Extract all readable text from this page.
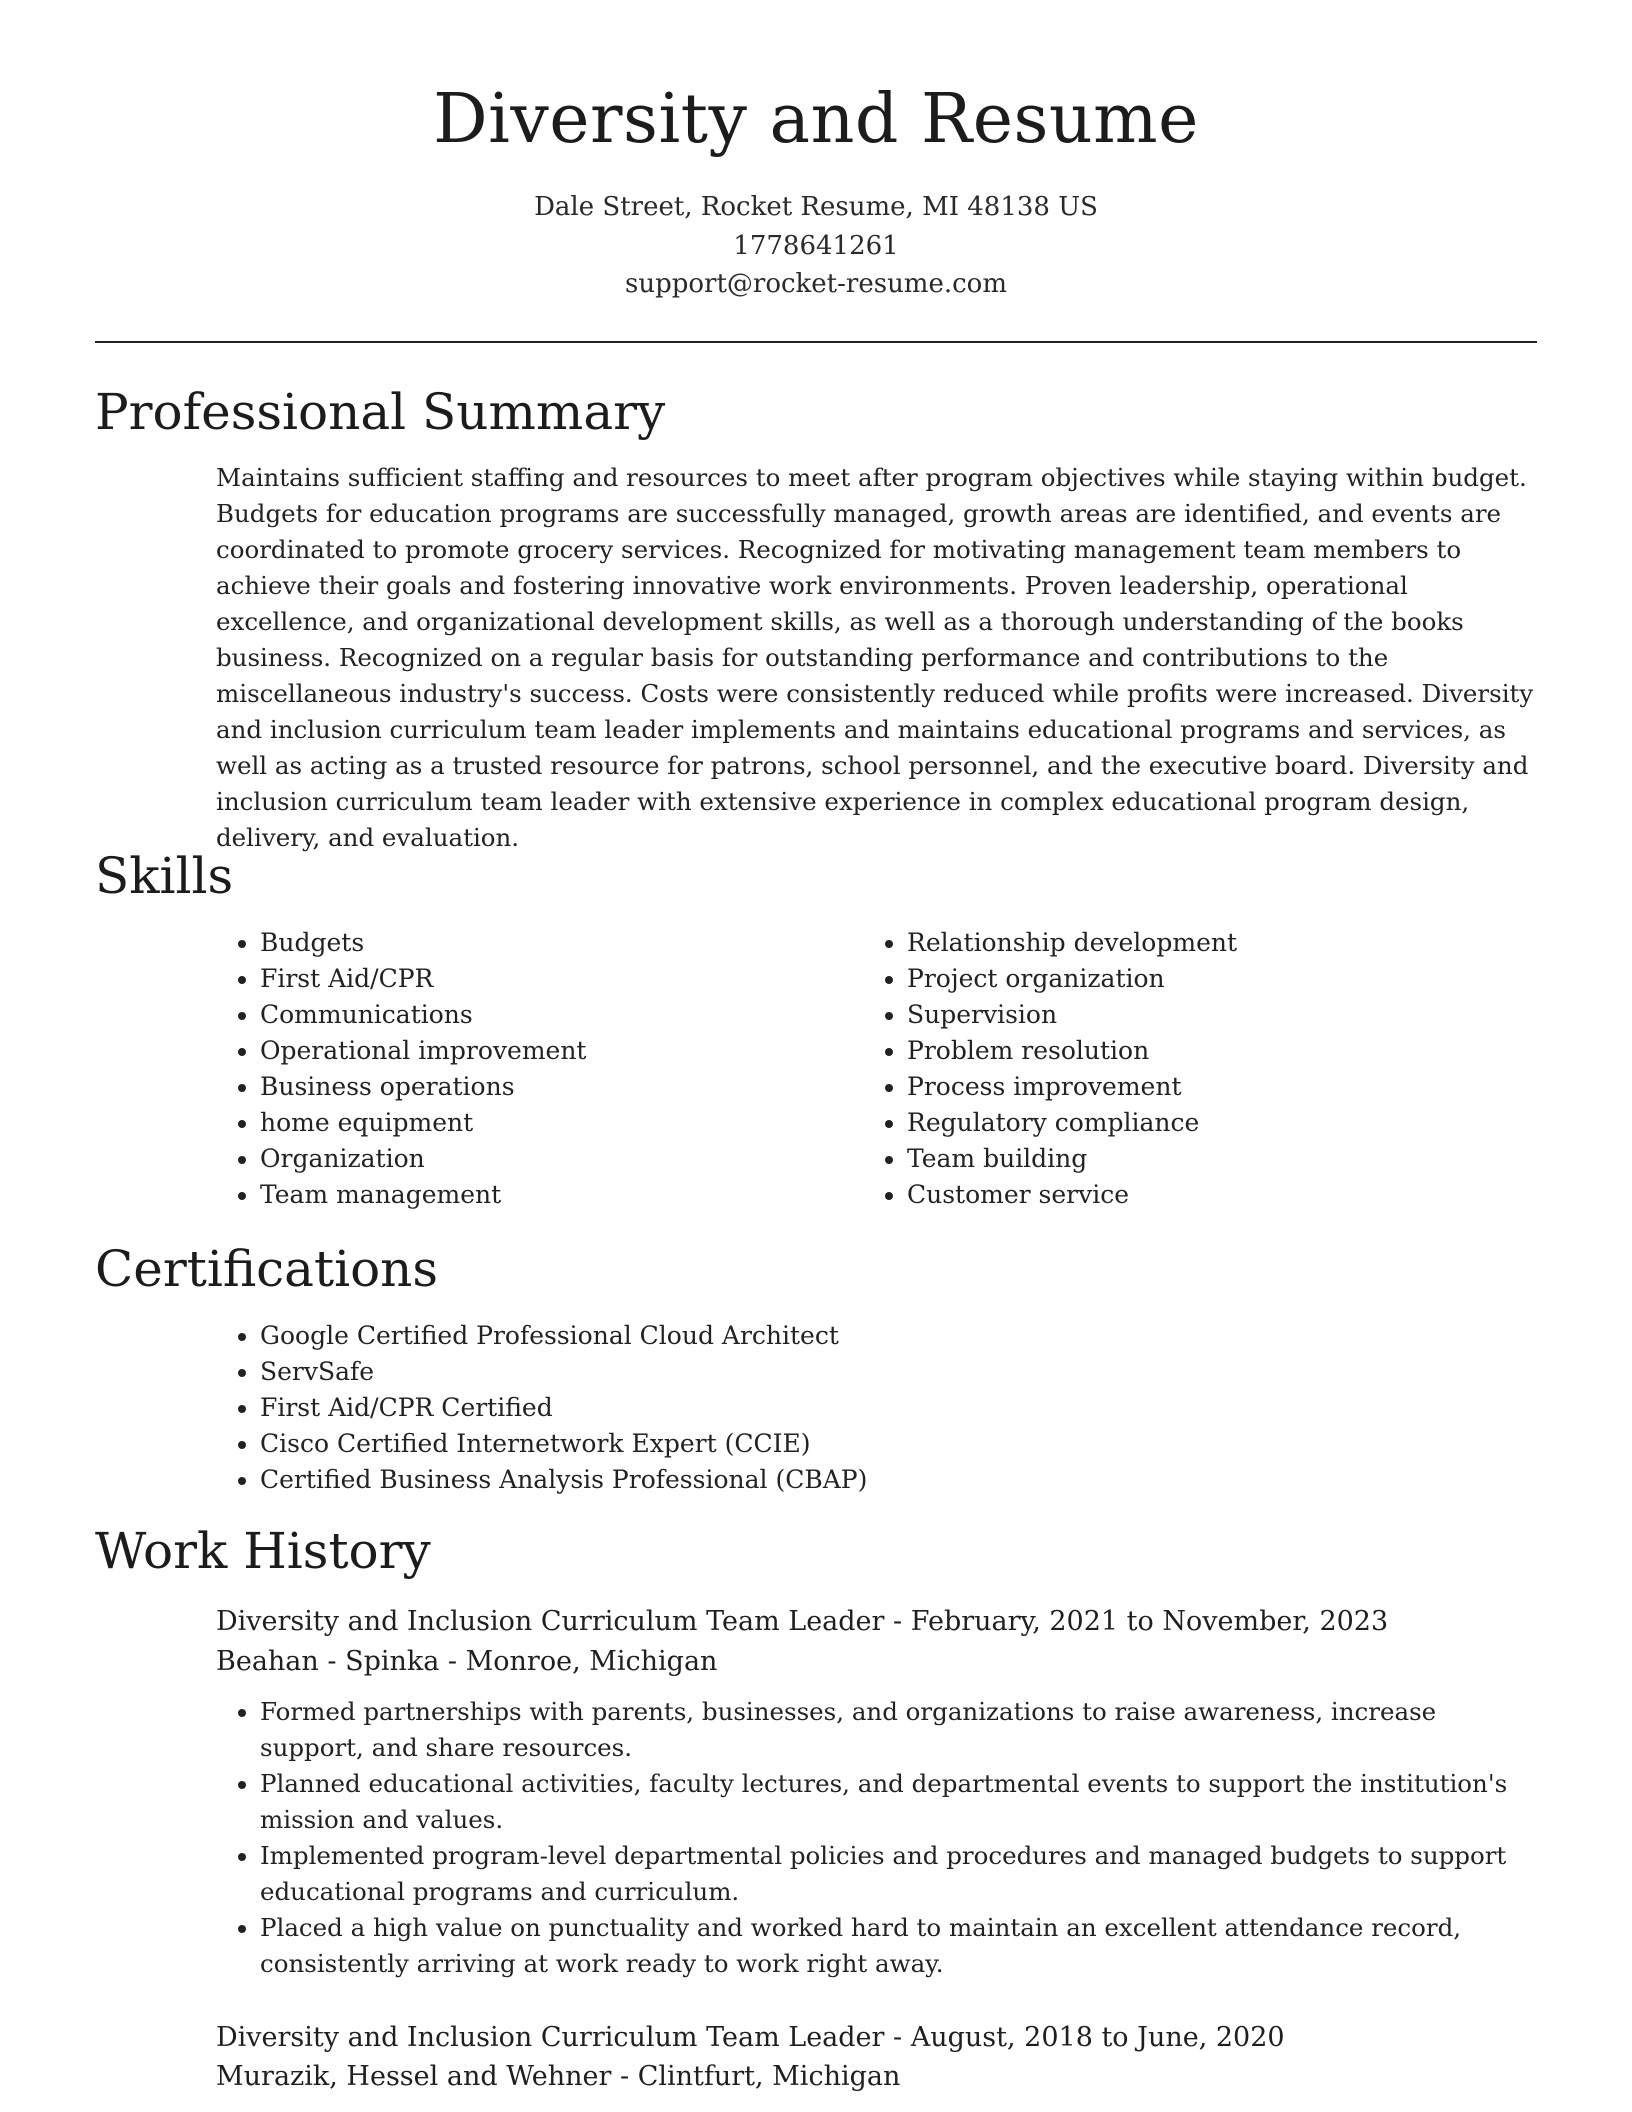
Diversity and Resume
Dale Street, Rocket Resume, MI 48138 US
1778641261
support@rocket-resume.com
Professional Summary
Maintains sufficient staffing and resources to meet after program objectives while staying within budget. Budgets for education programs are successfully managed, growth areas are identified, and events are coordinated to promote grocery services. Recognized for motivating management team members to achieve their goals and fostering innovative work environments. Proven leadership, operational excellence, and organizational development skills, as well as a thorough understanding of the books business. Recognized on a regular basis for outstanding performance and contributions to the miscellaneous industry's success. Costs were consistently reduced while profits were increased. Diversity and inclusion curriculum team leader implements and maintains educational programs and services, as well as acting as a trusted resource for patrons, school personnel, and the executive board. Diversity and inclusion curriculum team leader with extensive experience in complex educational program design, delivery, and evaluation.
Skills
• Budgets
• First Aid/CPR
• Communications
• Operational improvement
• Business operations
• home equipment
• Organization
• Team management
• Relationship development
• Project organization
• Supervision
• Problem resolution
• Process improvement
• Regulatory compliance
• Team building
• Customer service
Certifications
• Google Certified Professional Cloud Architect
• ServSafe
• First Aid/CPR Certified
• Cisco Certified Internetwork Expert (CCIE)
• Certified Business Analysis Professional (CBAP)
Work History
Diversity and Inclusion Curriculum Team Leader - February, 2021 to November, 2023
Beahan - Spinka - Monroe, Michigan
• Formed partnerships with parents, businesses, and organizations to raise awareness, increase support, and share resources.
• Planned educational activities, faculty lectures, and departmental events to support the institution's mission and values.
• Implemented program-level departmental policies and procedures and managed budgets to support educational programs and curriculum.
• Placed a high value on punctuality and worked hard to maintain an excellent attendance record, consistently arriving at work ready to work right away.
Diversity and Inclusion Curriculum Team Leader - August, 2018 to June, 2020
Murazik, Hessel and Wehner - Clintfurt, Michigan
